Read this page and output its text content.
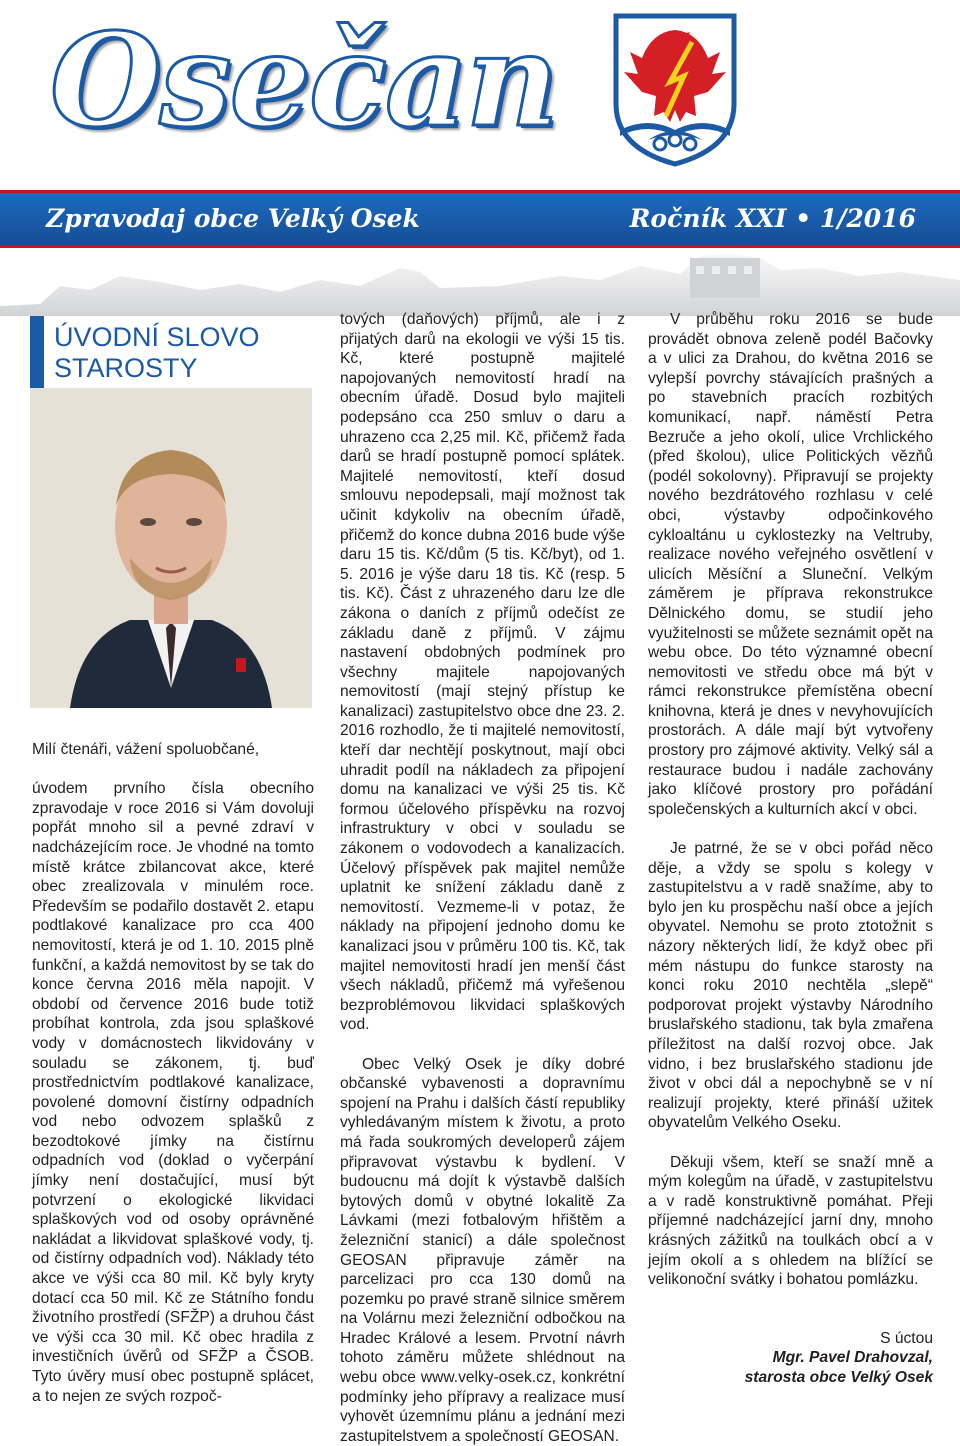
Osečan
Zpravodaj obce Velký Osek	Ročník XXI • 1/2016
ÚVODNÍ SLOVO STAROSTY

Milí čtenáři, vážení spoluobčané,

úvodem prvního čísla obecního zpravodaje v roce 2016 si Vám dovoluji popřát mnoho sil a pevné zdraví v nadcházejícím roce. Je vhodné na tomto místě krátce zbilancovat akce, které obec zrealizovala v minulém roce. Především se podařilo dostavět 2. etapu podtlakové kanalizace pro cca 400 nemovitostí, která je od 1. 10. 2015 plně funkční, a každá nemovitost by se tak do konce června 2016 měla napojit. V období od července 2016 bude totiž probíhat kontrola, zda jsou splaškové vody v domácnostech likvidovány v souladu se zákonem, tj. buď prostřednictvím podtlakové kanalizace, povolené domovní čistírny odpadních vod nebo odvozem splašků z bezodtokové jímky na čistírnu odpadních vod (doklad o vyčerpání jímky není dostačující, musí být potvrzení o ekologické likvidaci splaškových vod od osoby oprávněné nakládat a likvidovat splaškové vody, tj. od čistírny odpadních vod). Náklady této akce ve výši cca 80 mil. Kč byly kryty dotací cca 50 mil. Kč ze Státního fondu životního prostředí (SFŽP) a druhou část ve výši cca 30 mil. Kč obec hradila z investičních úvěrů od SFŽP a ČSOB. Tyto úvěry musí obec postupně splácet, a to nejen ze svých rozpoč-

tových (daňových) příjmů, ale i z přijatých darů na ekologii ve výši 15 tis. Kč, které postupně majitelé napojovaných nemovitostí hradí na obecním úřadě. Dosud bylo majiteli podepsáno cca 250 smluv o daru a uhrazeno cca 2,25 mil. Kč, přičemž řada darů se hradí postupně pomocí splátek. Majitelé nemovitostí, kteří dosud smlouvu nepodepsali, mají možnost tak učinit kdykoliv na obecním úřadě, přičemž do konce dubna 2016 bude výše daru 15 tis. Kč/dům (5 tis. Kč/byt), od 1. 5. 2016 je výše daru 18 tis. Kč (resp. 5 tis. Kč). Část z uhrazeného daru lze dle zákona o daních z příjmů odečíst ze základu daně z příjmů. V zájmu nastavení obdobných podmínek pro všechny majitele napojovaných nemovitostí (mají stejný přístup ke kanalizaci) zastupitelstvo obce dne 23. 2. 2016 rozhodlo, že ti majitelé nemovitostí, kteří dar nechtějí poskytnout, mají obci uhradit podíl na nákladech za připojení domu na kanalizaci ve výši 25 tis. Kč formou účelového příspěvku na rozvoj infrastruktury v obci v souladu se zákonem o vodovodech a kanalizacích. Účelový příspěvek pak majitel nemůže uplatnit ke snížení základu daně z nemovitostí. Vezmeme-li v potaz, že náklady na připojení jednoho domu ke kanalizaci jsou v průměru 100 tis. Kč, tak majitel nemovitosti hradí jen menší část všech nákladů, přičemž má vyřešenou bezproblémovou likvidaci splaškových vod.

Obec Velký Osek je díky dobré občanské vybavenosti a dopravnímu spojení na Prahu i dalších částí republiky vyhledávaným místem k životu, a proto má řada soukromých developerů zájem připravovat výstavbu k bydlení. V budoucnu má dojít k výstavbě dalších bytových domů v obytné lokalitě Za Lávkami (mezi fotbalovým hřištěm a železniční stanicí) a dále společnost GEOSAN připravuje záměr na parcelizaci pro cca 130 domů na pozemku po pravé straně silnice směrem na Volárnu mezi železniční odbočkou na Hradec Králové a lesem. Prvotní návrh tohoto záměru můžete shlédnout na webu obce www.velky-osek.cz, konkrétní podmínky jeho přípravy a realizace musí vyhovět územnímu plánu a jednání mezi zastupitelstvem a společností GEOSAN.

V průběhu roku 2016 se bude provádět obnova zeleně podél Bačovky a v ulici za Drahou, do května 2016 se vylepší povrchy stávajících prašných a po stavebních pracích rozbitých komunikací, např. náměstí Petra Bezruče a jeho okolí, ulice Vrchlického (před školou), ulice Politických vězňů (podél sokolovny). Připravují se projekty nového bezdrátového rozhlasu v celé obci, výstavby odpočinkového cykloaltánu u cyklostezky na Veltruby, realizace nového veřejného osvětlení v ulicích Měsíční a Sluneční. Velkým záměrem je příprava rekonstrukce Dělnického domu, se studií jeho využitelnosti se můžete seznámit opět na webu obce. Do této významné obecní nemovitosti ve středu obce má být v rámci rekonstrukce přemístěna obecní knihovna, která je dnes v nevyhovujících prostorách. A dále mají být vytvořeny prostory pro zájmové aktivity. Velký sál a restaurace budou i nadále zachovány jako klíčové prostory pro pořádání společenských a kulturních akcí v obci.

Je patrné, že se v obci pořád něco děje, a vždy se spolu s kolegy v zastupitelstvu a v radě snažíme, aby to bylo jen ku prospěchu naší obce a jejích obyvatel. Nemohu se proto ztotožnit s názory některých lidí, že když obec při mém nástupu do funkce starosty na konci roku 2010 nechtěla „slepě“ podporovat projekt výstavby Národního bruslařského stadionu, tak byla zmařena příležitost na další rozvoj obce. Jak vidno, i bez bruslařského stadionu jde život v obci dál a nepochybně se v ní realizují projekty, které přináší užitek obyvatelům Velkého Oseku.

Děkuji všem, kteří se snaží mně a mým kolegům na úřadě, v zastupitelstvu a v radě konstruktivně pomáhat. Přeji příjemné nadcházející jarní dny, mnoho krásných zážitků na toulkách obcí a v jejím okolí a s ohledem na blížící se velikonoční svátky i bohatou pomlázku.

S úctou

Mgr. Pavel Drahovzal,

starosta obce Velký Osek
